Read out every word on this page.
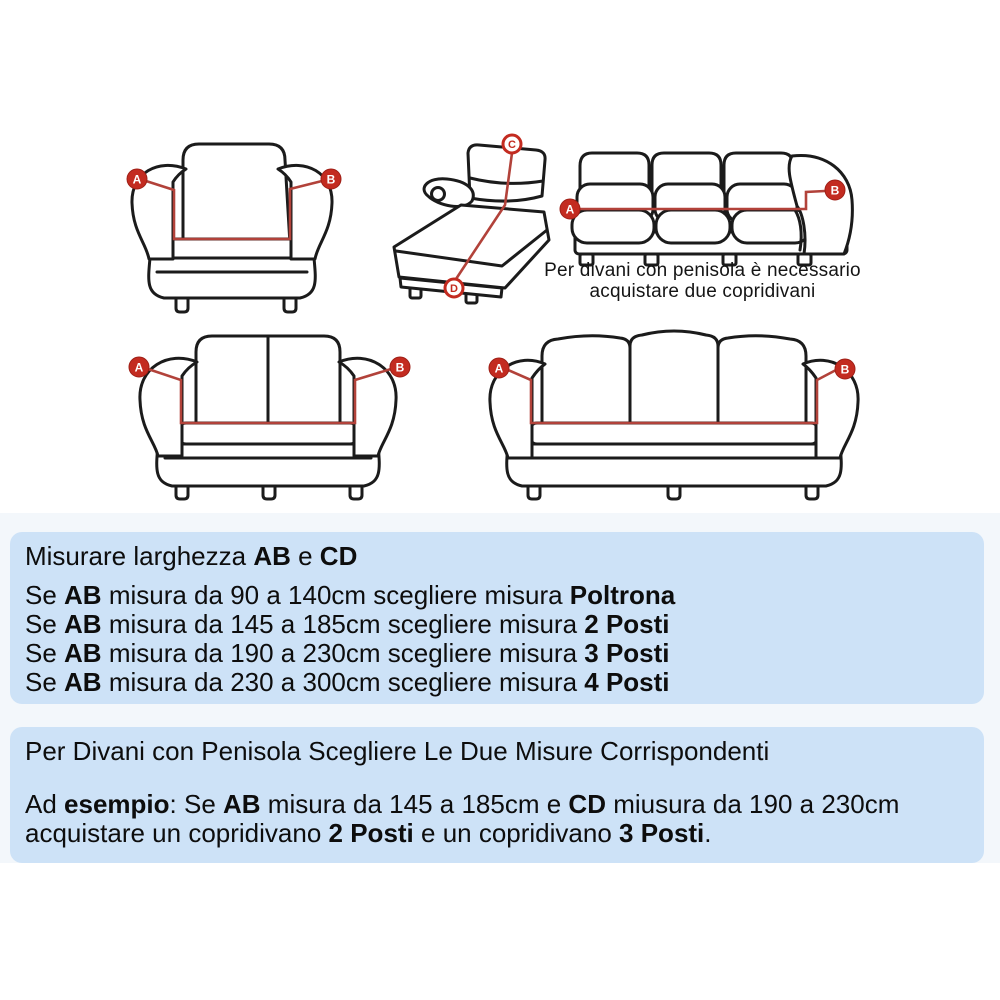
A	B
C
D
A
B
A	B	A	B
Per divani con penisola è necessario
acquistare due copridivani

Misurare larghezza AB e CD

Se AB misura da 90 a 140cm scegliere misura Poltrona

Se AB misura da 145 a 185cm scegliere misura 2 Posti

Se AB misura da 190 a 230cm scegliere misura 3 Posti

Se AB misura da 230 a 300cm scegliere misura 4 Posti

Per Divani con Penisola Scegliere Le Due Misure Corrispondenti

Ad esempio: Se AB misura da 145 a 185cm e CD miusura da 190 a 230cm acquistare un copridivano 2 Posti e un copridivano 3 Posti.
